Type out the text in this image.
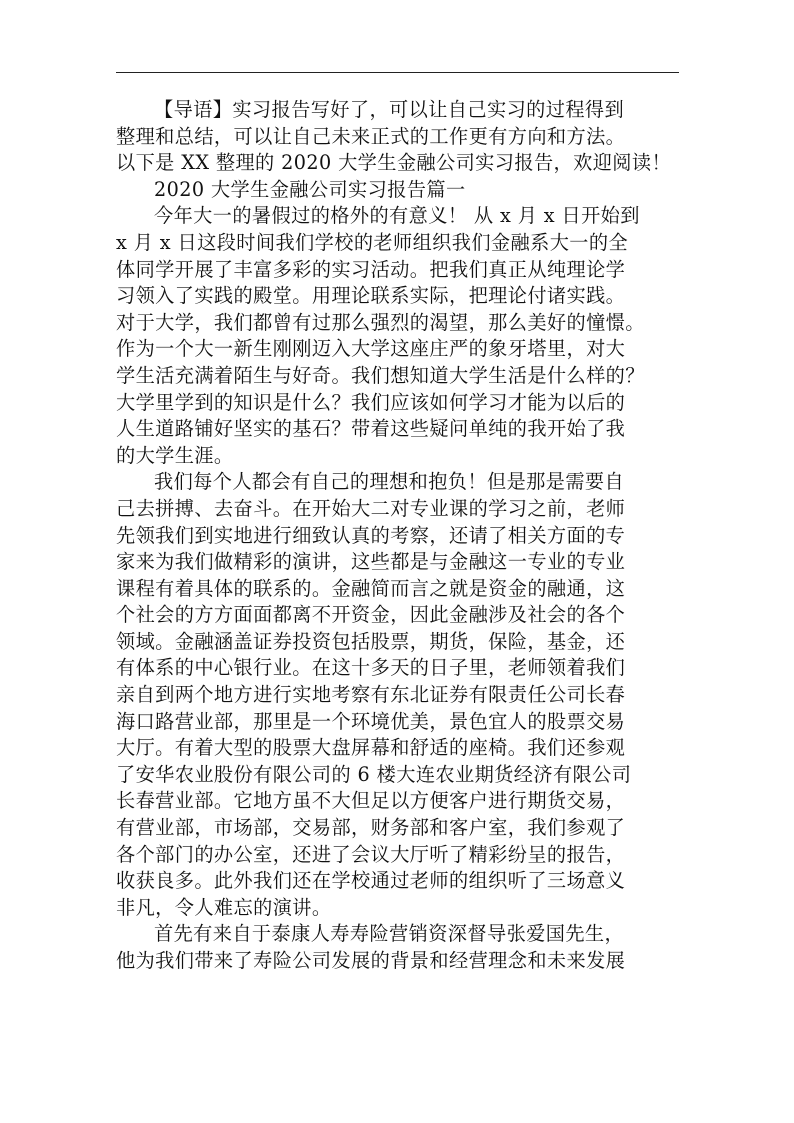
【导语】实习报告写好了，可以让自己实习的过程得到
整理和总结，可以让自己未来正式的工作更有方向和方法。
以下是 XX 整理的 2020 大学生金融公司实习报告，欢迎阅读！
2020 大学生金融公司实习报告篇一
今年大一的暑假过的格外的有意义！ 从 x 月 x 日开始到
x 月 x 日这段时间我们学校的老师组织我们金融系大一的全
体同学开展了丰富多彩的实习活动。把我们真正从纯理论学
习领入了实践的殿堂。用理论联系实际，把理论付诸实践。
对于大学，我们都曾有过那么强烈的渴望，那么美好的憧憬。
作为一个大一新生刚刚迈入大学这座庄严的象牙塔里，对大
学生活充满着陌生与好奇。我们想知道大学生活是什么样的？
大学里学到的知识是什么？我们应该如何学习才能为以后的
人生道路铺好坚实的基石？带着这些疑问单纯的我开始了我
的大学生涯。
我们每个人都会有自己的理想和抱负！但是那是需要自
己去拼搏、去奋斗。在开始大二对专业课的学习之前，老师
先领我们到实地进行细致认真的考察，还请了相关方面的专
家来为我们做精彩的演讲，这些都是与金融这一专业的专业
课程有着具体的联系的。金融简而言之就是资金的融通，这
个社会的方方面面都离不开资金，因此金融涉及社会的各个
领域。金融涵盖证券投资包括股票，期货，保险，基金，还
有体系的中心银行业。在这十多天的日子里，老师领着我们
亲自到两个地方进行实地考察有东北证券有限责任公司长春
海口路营业部，那里是一个环境优美，景色宜人的股票交易
大厅。有着大型的股票大盘屏幕和舒适的座椅。我们还参观
了安华农业股份有限公司的 6 楼大连农业期货经济有限公司
长春营业部。它地方虽不大但足以方便客户进行期货交易，
有营业部，市场部，交易部，财务部和客户室，我们参观了
各个部门的办公室，还进了会议大厅听了精彩纷呈的报告，
收获良多。此外我们还在学校通过老师的组织听了三场意义
非凡，令人难忘的演讲。
首先有来自于泰康人寿寿险营销资深督导张爱国先生，
他为我们带来了寿险公司发展的背景和经营理念和未来发展
